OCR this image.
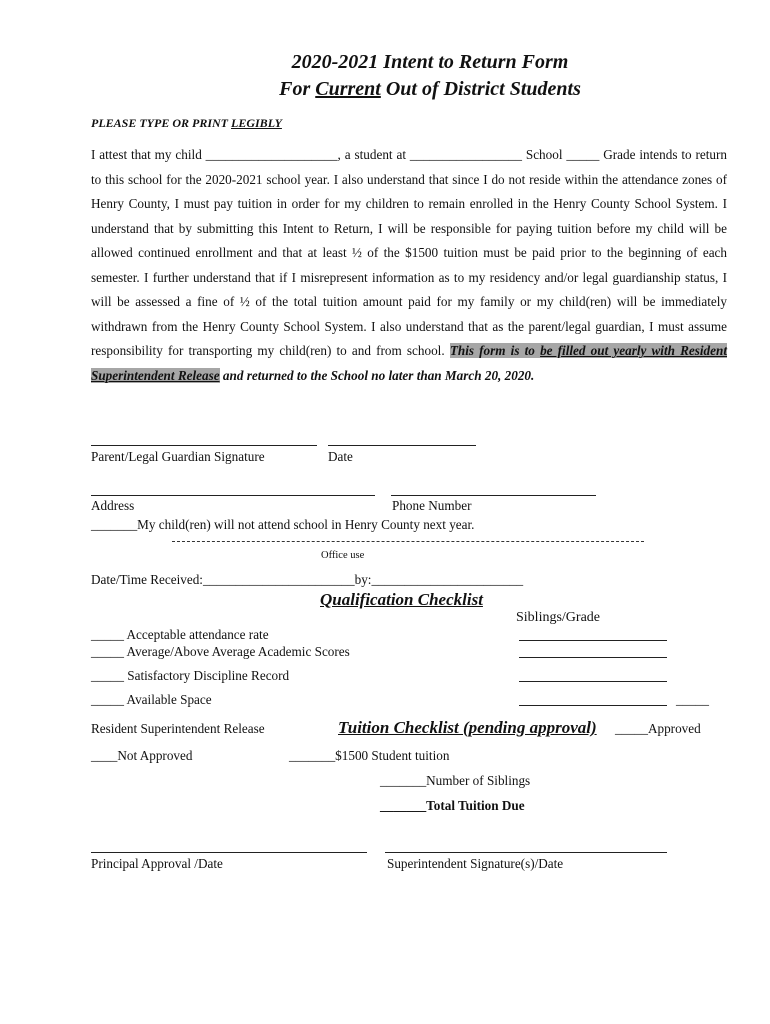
2020-2021 Intent to Return Form
For Current Out of District Students
PLEASE TYPE OR PRINT LEGIBLY
I attest that my child ____________________, a student at _________________ School _____ Grade intends to return to this school for the 2020-2021 school year. I also understand that since I do not reside within the attendance zones of Henry County, I must pay tuition in order for my children to remain enrolled in the Henry County School System. I understand that by submitting this Intent to Return, I will be responsible for paying tuition before my child will be allowed continued enrollment and that at least ½ of the $1500 tuition must be paid prior to the beginning of each semester. I further understand that if I misrepresent information as to my residency and/or legal guardianship status, I will be assessed a fine of ½ of the total tuition amount paid for my family or my child(ren) will be immediately withdrawn from the Henry County School System. I also understand that as the parent/legal guardian, I must assume responsibility for transporting my child(ren) to and from school. This form is to be filled out yearly with Resident Superintendent Release and returned to the School no later than March 20, 2020.
Parent/Legal Guardian Signature	Date
Address	Phone Number
_______My child(ren) will not attend school in Henry County next year.
Office use
Date/Time Received:_______________________by:_______________________
Qualification Checklist
Siblings/Grade
_____ Acceptable attendance rate
_____ Average/Above Average Academic Scores
_____ Satisfactory Discipline Record
_____ Available Space	_____
Resident Superintendent Release	Tuition Checklist (pending approval) _____Approved
____Not Approved	_______$1500 Student tuition
_______Number of Siblings
_______Total Tuition Due
Principal Approval /Date	Superintendent Signature(s)/Date
